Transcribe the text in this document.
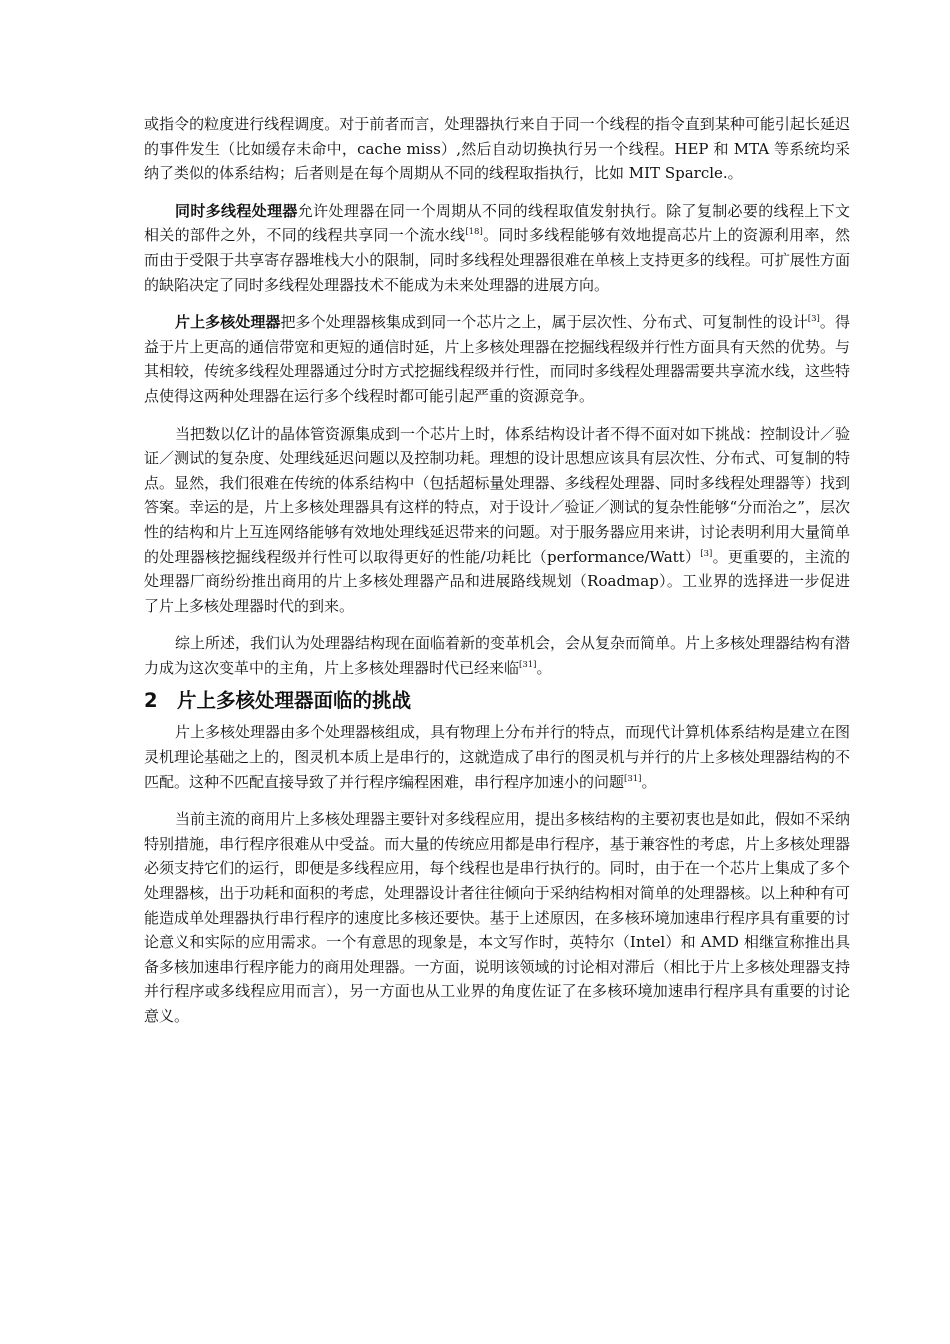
或指令的粒度进行线程调度。对于前者而言，处理器执行来自于同一个线程的指令直到某种可能引起长延迟的事件发生（比如缓存未命中，cache miss）,然后自动切换执行另一个线程。HEP 和 MTA 等系统均采纳了类似的体系结构；后者则是在每个周期从不同的线程取指执行，比如 MIT Sparcle.。

同时多线程处理器允许处理器在同一个周期从不同的线程取值发射执行。除了复制必要的线程上下文相关的部件之外，不同的线程共享同一个流水线[18]。同时多线程能够有效地提高芯片上的资源利用率，然而由于受限于共享寄存器堆栈大小的限制，同时多线程处理器很难在单核上支持更多的线程。可扩展性方面的缺陷决定了同时多线程处理器技术不能成为未来处理器的进展方向。

片上多核处理器把多个处理器核集成到同一个芯片之上，属于层次性、分布式、可复制性的设计[3]。得益于片上更高的通信带宽和更短的通信时延，片上多核处理器在挖掘线程级并行性方面具有天然的优势。与其相较，传统多线程处理器通过分时方式挖掘线程级并行性，而同时多线程处理器需要共享流水线，这些特点使得这两种处理器在运行多个线程时都可能引起严重的资源竞争。

当把数以亿计的晶体管资源集成到一个芯片上时，体系结构设计者不得不面对如下挑战：控制设计／验证／测试的复杂度、处理线延迟问题以及控制功耗。理想的设计思想应该具有层次性、分布式、可复制的特点。显然，我们很难在传统的体系结构中（包括超标量处理器、多线程处理器、同时多线程处理器等）找到答案。幸运的是，片上多核处理器具有这样的特点，对于设计／验证／测试的复杂性能够“分而治之”，层次性的结构和片上互连网络能够有效地处理线延迟带来的问题。对于服务器应用来讲，讨论表明利用大量简单的处理器核挖掘线程级并行性可以取得更好的性能/功耗比（performance/Watt）[3]。更重要的，主流的处理器厂商纷纷推出商用的片上多核处理器产品和进展路线规划（Roadmap）。工业界的选择进一步促进了片上多核处理器时代的到来。

综上所述，我们认为处理器结构现在面临着新的变革机会，会从复杂而简单。片上多核处理器结构有潜力成为这次变革中的主角，片上多核处理器时代已经来临[31]。

2 片上多核处理器面临的挑战

片上多核处理器由多个处理器核组成，具有物理上分布并行的特点，而现代计算机体系结构是建立在图灵机理论基础之上的，图灵机本质上是串行的，这就造成了串行的图灵机与并行的片上多核处理器结构的不匹配。这种不匹配直接导致了并行程序编程困难，串行程序加速小的问题[31]。

当前主流的商用片上多核处理器主要针对多线程应用，提出多核结构的主要初衷也是如此，假如不采纳特别措施，串行程序很难从中受益。而大量的传统应用都是串行程序，基于兼容性的考虑，片上多核处理器必须支持它们的运行，即便是多线程应用，每个线程也是串行执行的。同时，由于在一个芯片上集成了多个处理器核，出于功耗和面积的考虑，处理器设计者往往倾向于采纳结构相对简单的处理器核。以上种种有可能造成单处理器执行串行程序的速度比多核还要快。基于上述原因，在多核环境加速串行程序具有重要的讨论意义和实际的应用需求。一个有意思的现象是，本文写作时，英特尔（Intel）和 AMD 相继宣称推出具备多核加速串行程序能力的商用处理器。一方面，说明该领域的讨论相对滞后（相比于片上多核处理器支持并行程序或多线程应用而言），另一方面也从工业界的角度佐证了在多核环境加速串行程序具有重要的讨论意义。
